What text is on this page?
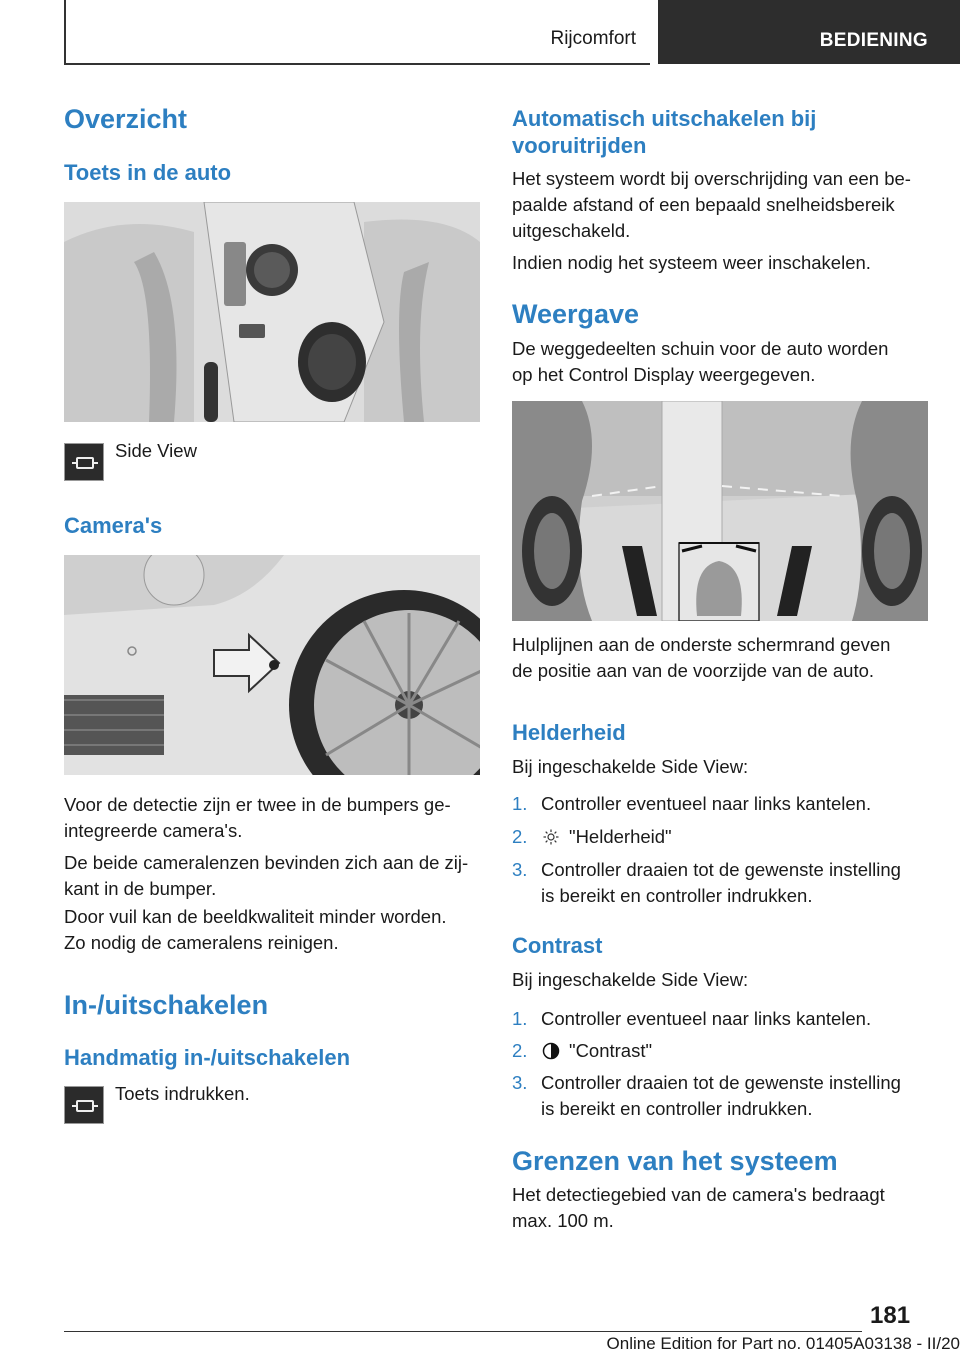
Rijcomfort	BEDIENING
Overzicht
Toets in de auto
Side View
Camera's
Voor de detectie zijn er twee in de bumpers ge-
integreerde camera's.
De beide cameralenzen bevinden zich aan de zij-
kant in de bumper.
Door vuil kan de beeldkwaliteit minder worden.
Zo nodig de cameralens reinigen.
In-/uitschakelen
Handmatig in-/uitschakelen
Toets indrukken.
Automatisch uitschakelen bij
vooruitrijden
Het systeem wordt bij overschrijding van een be-
paalde afstand of een bepaald snelheidsbereik
uitgeschakeld.
Indien nodig het systeem weer inschakelen.
Weergave
De weggedeelten schuin voor de auto worden
op het Control Display weergegeven.
Hulplijnen aan de onderste schermrand geven
de positie aan van de voorzijde van de auto.
Helderheid
Bij ingeschakelde Side View:
1. Controller eventueel naar links kantelen.
2.	"Helderheid"
3. Controller draaien tot de gewenste instelling
is bereikt en controller indrukken.
Contrast
Bij ingeschakelde Side View:
1. Controller eventueel naar links kantelen.
2.	"Contrast"
3. Controller draaien tot de gewenste instelling
is bereikt en controller indrukken.
Grenzen van het systeem
Het detectiegebied van de camera's bedraagt
max. 100 m.
181
Online Edition for Part no. 01405A03138 - II/20
